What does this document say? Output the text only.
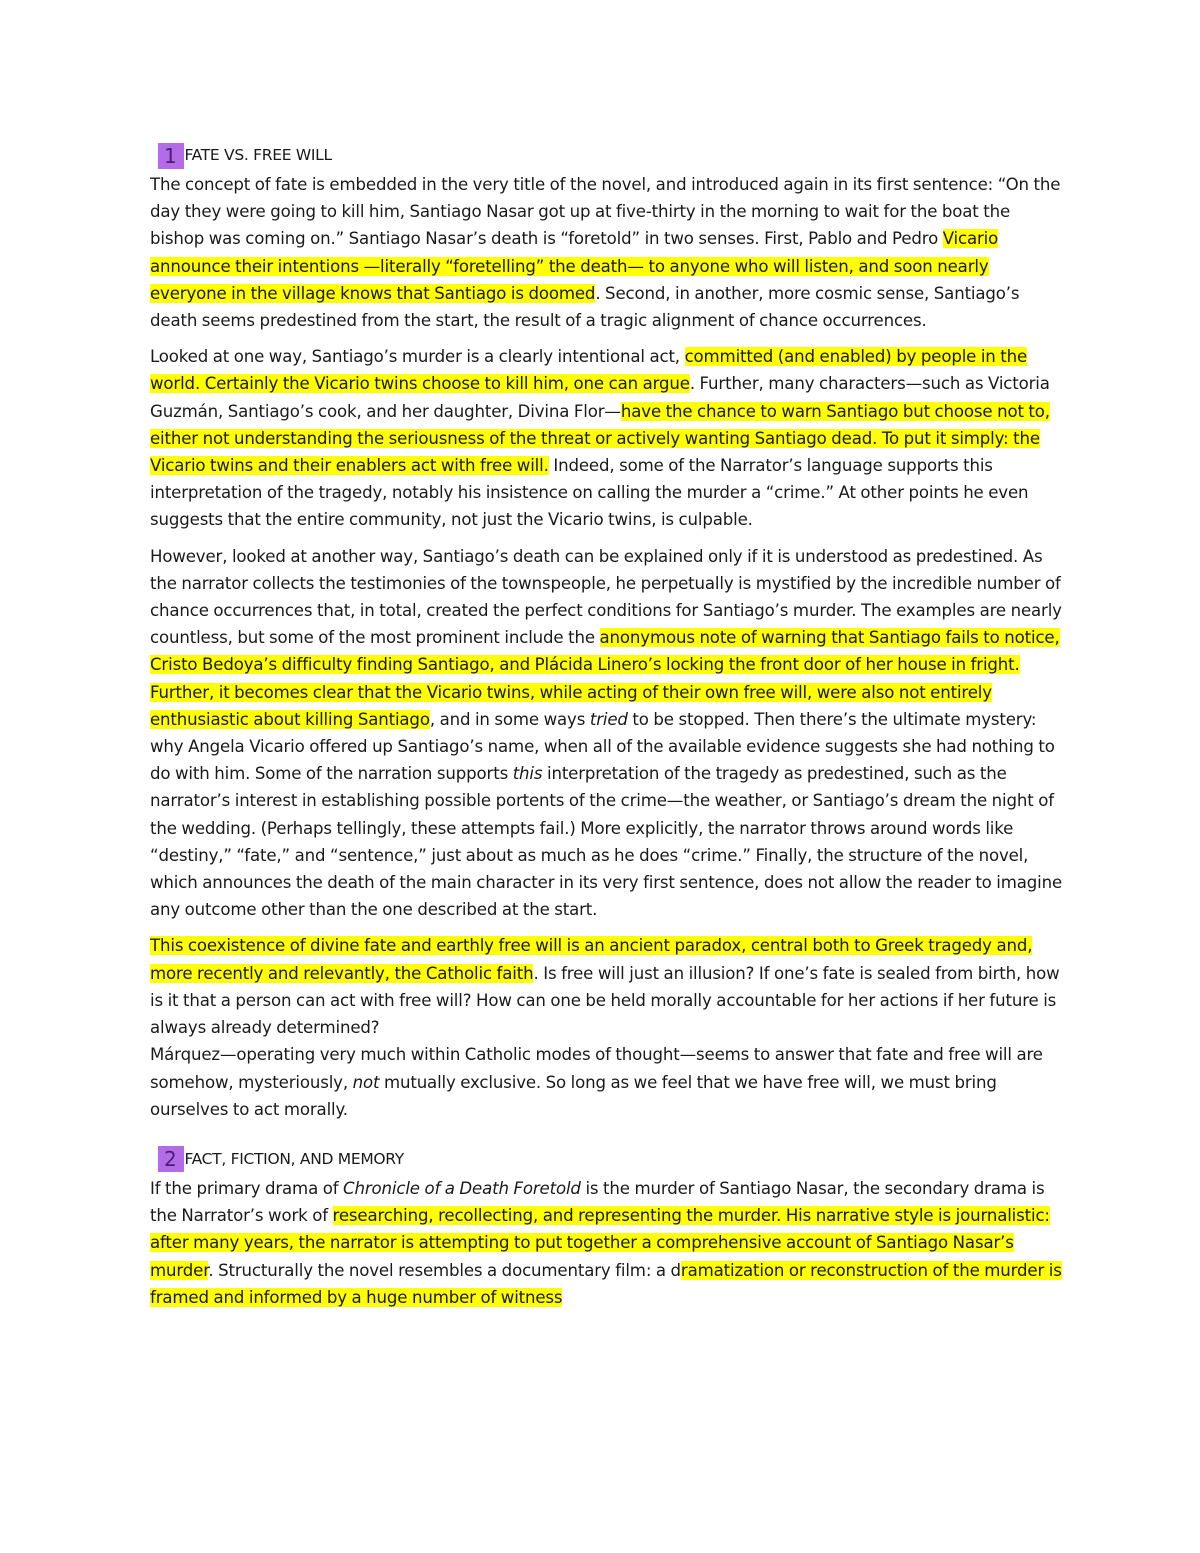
1 FATE VS. FREE WILL

The concept of fate is embedded in the very title of the novel, and introduced again in its first sentence: “On the day they were going to kill him, Santiago Nasar got up at five-thirty in the morning to wait for the boat the bishop was coming on.” Santiago Nasar’s death is “foretold” in two senses. First, Pablo and Pedro Vicario announce their intentions —literally “foretelling” the death— to anyone who will listen, and soon nearly everyone in the village knows that Santiago is doomed. Second, in another, more cosmic sense, Santiago’s death seems predestined from the start, the result of a tragic alignment of chance occurrences.

Looked at one way, Santiago’s murder is a clearly intentional act, committed (and enabled) by people in the world. Certainly the Vicario twins choose to kill him, one can argue. Further, many characters—such as Victoria Guzmán, Santiago’s cook, and her daughter, Divina Flor—have the chance to warn Santiago but choose not to, either not understanding the seriousness of the threat or actively wanting Santiago dead. To put it simply: the Vicario twins and their enablers act with free will. Indeed, some of the Narrator’s language supports this interpretation of the tragedy, notably his insistence on calling the murder a “crime.” At other points he even suggests that the entire community, not just the Vicario twins, is culpable.

However, looked at another way, Santiago’s death can be explained only if it is understood as predestined. As the narrator collects the testimonies of the townspeople, he perpetually is mystified by the incredible number of chance occurrences that, in total, created the perfect conditions for Santiago’s murder. The examples are nearly countless, but some of the most prominent include the anonymous note of warning that Santiago fails to notice, Cristo Bedoya’s difficulty finding Santiago, and Plácida Linero’s locking the front door of her house in fright. Further, it becomes clear that the Vicario twins, while acting of their own free will, were also not entirely enthusiastic about killing Santiago, and in some ways tried to be stopped. Then there’s the ultimate mystery: why Angela Vicario offered up Santiago’s name, when all of the available evidence suggests she had nothing to do with him. Some of the narration supports this interpretation of the tragedy as predestined, such as the narrator’s interest in establishing possible portents of the crime—the weather, or Santiago’s dream the night of the wedding. (Perhaps tellingly, these attempts fail.) More explicitly, the narrator throws around words like “destiny,” “fate,” and “sentence,” just about as much as he does “crime.” Finally, the structure of the novel, which announces the death of the main character in its very first sentence, does not allow the reader to imagine any outcome other than the one described at the start.

This coexistence of divine fate and earthly free will is an ancient paradox, central both to Greek tragedy and, more recently and relevantly, the Catholic faith. Is free will just an illusion? If one’s fate is sealed from birth, how is it that a person can act with free will? How can one be held morally accountable for her actions if her future is always already determined?

Márquez—operating very much within Catholic modes of thought—seems to answer that fate and free will are somehow, mysteriously, not mutually exclusive. So long as we feel that we have free will, we must bring ourselves to act morally.

2 FACT, FICTION, AND MEMORY

If the primary drama of Chronicle of a Death Foretold is the murder of Santiago Nasar, the secondary drama is the Narrator’s work of researching, recollecting, and representing the murder. His narrative style is journalistic: after many years, the narrator is attempting to put together a comprehensive account of Santiago Nasar’s murder. Structurally the novel resembles a documentary film: a dramatization or reconstruction of the murder is framed and informed by a huge number of witness
